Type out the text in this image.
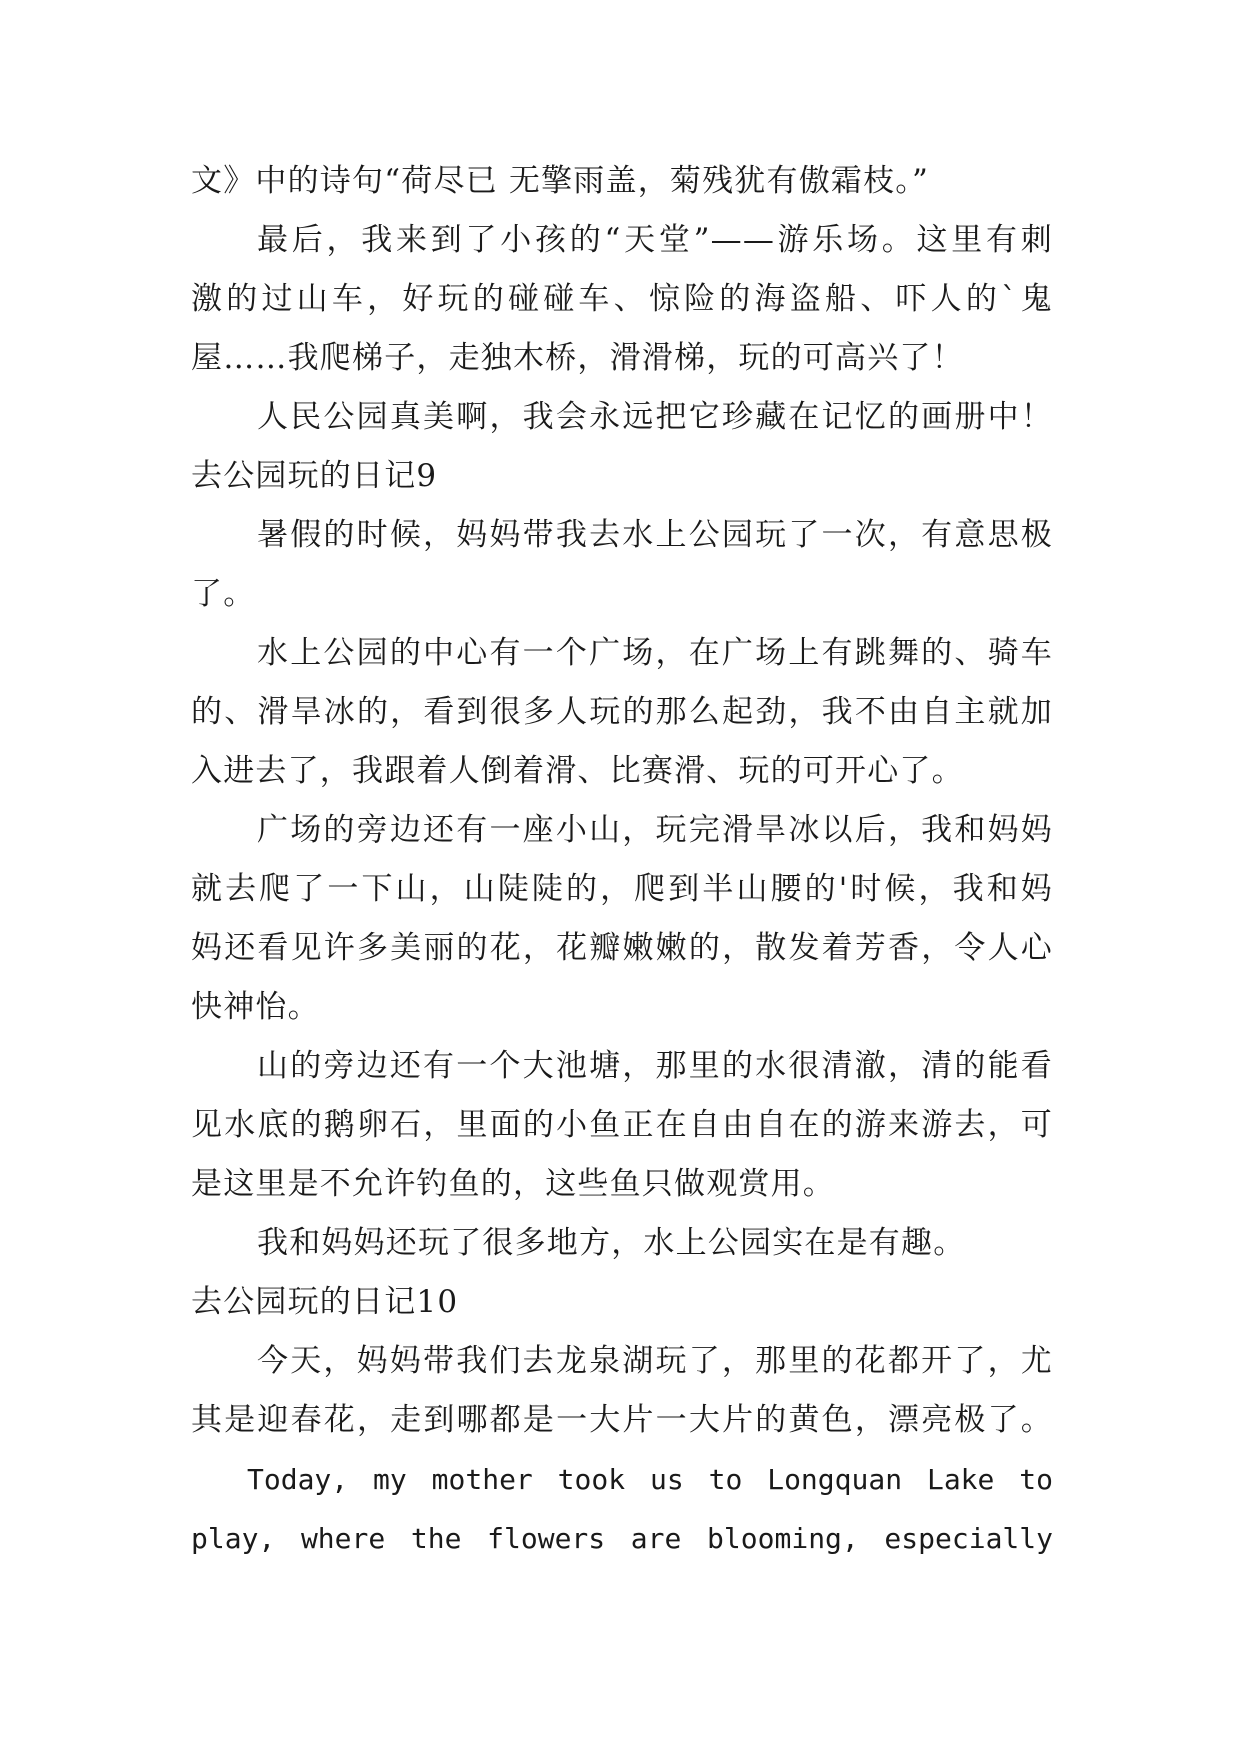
文》中的诗句“荷尽已 无擎雨盖，菊残犹有傲霜枝。”
最后，我来到了小孩的“天堂”——游乐场。这里有刺
激的过山车，好玩的碰碰车、惊险的海盗船、吓人的`鬼
屋……我爬梯子，走独木桥，滑滑梯，玩的可高兴了！
人民公园真美啊，我会永远把它珍藏在记忆的画册中！
去公园玩的日记9
暑假的时候，妈妈带我去水上公园玩了一次，有意思极
了。
水上公园的中心有一个广场，在广场上有跳舞的、骑车
的、滑旱冰的，看到很多人玩的那么起劲，我不由自主就加
入进去了，我跟着人倒着滑、比赛滑、玩的可开心了。
广场的旁边还有一座小山，玩完滑旱冰以后，我和妈妈
就去爬了一下山，山陡陡的，爬到半山腰的'时候，我和妈
妈还看见许多美丽的花，花瓣嫩嫩的，散发着芳香，令人心
快神怡。
山的旁边还有一个大池塘，那里的水很清澈，清的能看
见水底的鹅卵石，里面的小鱼正在自由自在的游来游去，可
是这里是不允许钓鱼的，这些鱼只做观赏用。
我和妈妈还玩了很多地方，水上公园实在是有趣。
去公园玩的日记10
今天，妈妈带我们去龙泉湖玩了，那里的花都开了，尤
其是迎春花，走到哪都是一大片一大片的黄色，漂亮极了。
Today, my mother took us to Longquan Lake to
play, where the flowers are blooming, especially
